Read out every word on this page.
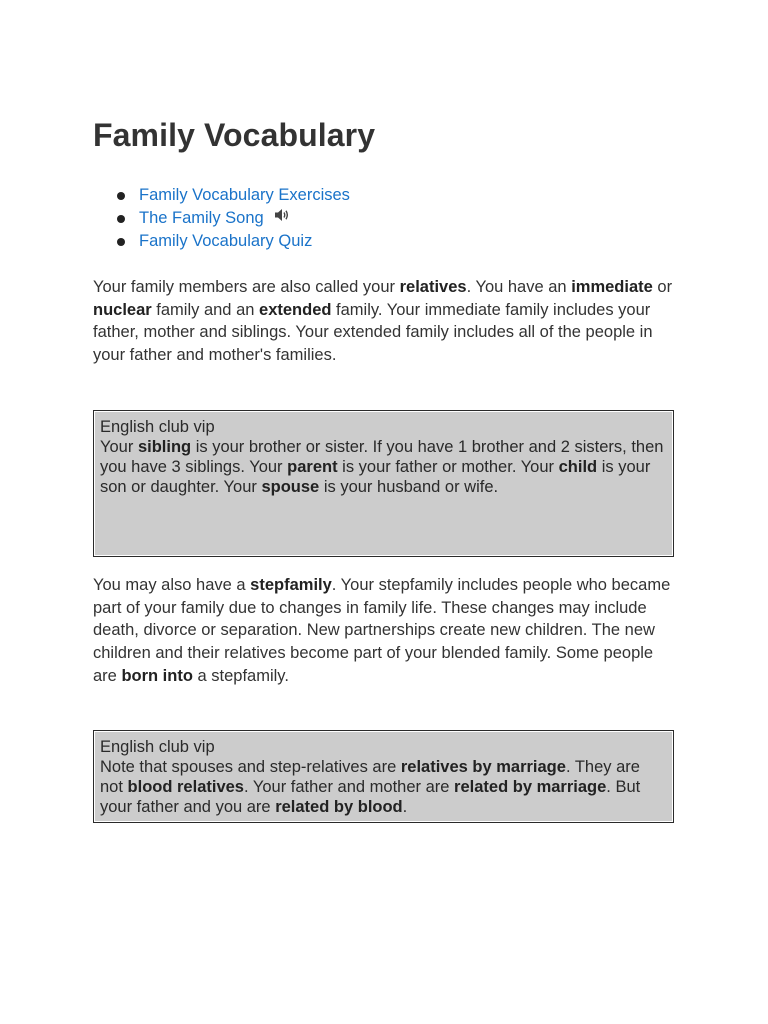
Family Vocabulary
Family Vocabulary Exercises
The Family Song
Family Vocabulary Quiz

Your family members are also called your relatives. You have an immediate or nuclear family and an extended family. Your immediate family includes your father, mother and siblings. Your extended family includes all of the people in your father and mother's families.

English club vip
Your sibling is your brother or sister. If you have 1 brother and 2 sisters, then you have 3 siblings. Your parent is your father or mother. Your child is your son or daughter. Your spouse is your husband or wife.

You may also have a stepfamily. Your stepfamily includes people who became part of your family due to changes in family life. These changes may include death, divorce or separation. New partnerships create new children. The new children and their relatives become part of your blended family. Some people are born into a stepfamily.

English club vip
Note that spouses and step-relatives are relatives by marriage. They are not blood relatives. Your father and mother are related by marriage. But your father and you are related by blood.
